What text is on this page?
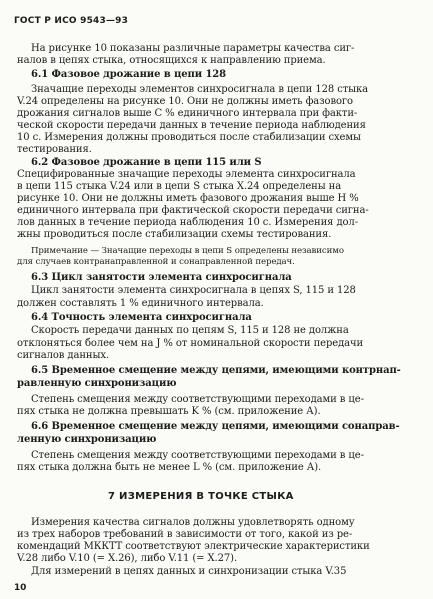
ГОСТ Р ИСО 9543—93
На рисунке 10 показаны различные параметры качества сиг-
налов в цепях стыка, относящихся к направлению приема.
6.1 Фазовое дрожание в цепи 128
Значащие переходы элементов синхросигнала в цепи 128 стыка
V.24 определены на рисунке 10. Они не должны иметь фазового
дрожания сигналов выше C % единичного интервала при факти-
ческой скорости передачи данных в течение периода наблюдения
10 с. Измерения должны проводиться после стабилизации схемы
тестирования.
6.2 Фазовое дрожание в цепи 115 или S
Специфированные значащие переходы элемента синхросигнала
в цепи 115 стыка V.24 или в цепи S стыка Х.24 определены на
рисунке 10. Они не должны иметь фазового дрожания выше H %
единичного интервала при фактической скорости передачи сигна-
лов данных в течение периода наблюдения 10 с. Измерения дол-
жны проводиться после стабилизации схемы тестирования.
Примечание — Значащие переходы в цепи S определены независимо
для случаев контранаправленной и сонаправленной передач.
6.3 Цикл занятости элемента синхросигнала
Цикл занятости элемента синхросигнала в цепях S, 115 и 128
должен составлять 1 % единичного интервала.
6.4 Точность элемента синхросигнала
Скорость передачи данных по цепям S, 115 и 128 не должна
отклоняться более чем на J % от номинальной скорости передачи
сигналов данных.
6.5 Временное смещение между цепями, имеющими контрнап-
равленную синхронизацию
Степень смещения между соответствующими переходами в це-
пях стыка не должна превышать K % (см. приложение А).
6.6 Временное смещение между цепями, имеющими сонаправ-
ленную синхронизацию
Степень смещения между соответствующими переходами в це-
пях стыка должна быть не менее L % (см. приложение А).
7 ИЗМЕРЕНИЯ В ТОЧКЕ СТЫКА
Измерения качества сигналов должны удовлетворять одному
из трех наборов требований в зависимости от того, какой из ре-
комендаций МККТТ соответствуют электрические характеристики
V.28 либо V.10 (= Х.26), либо V.11 (= Х.27).
Для измерений в цепях данных и синхронизации стыка V.35
10
